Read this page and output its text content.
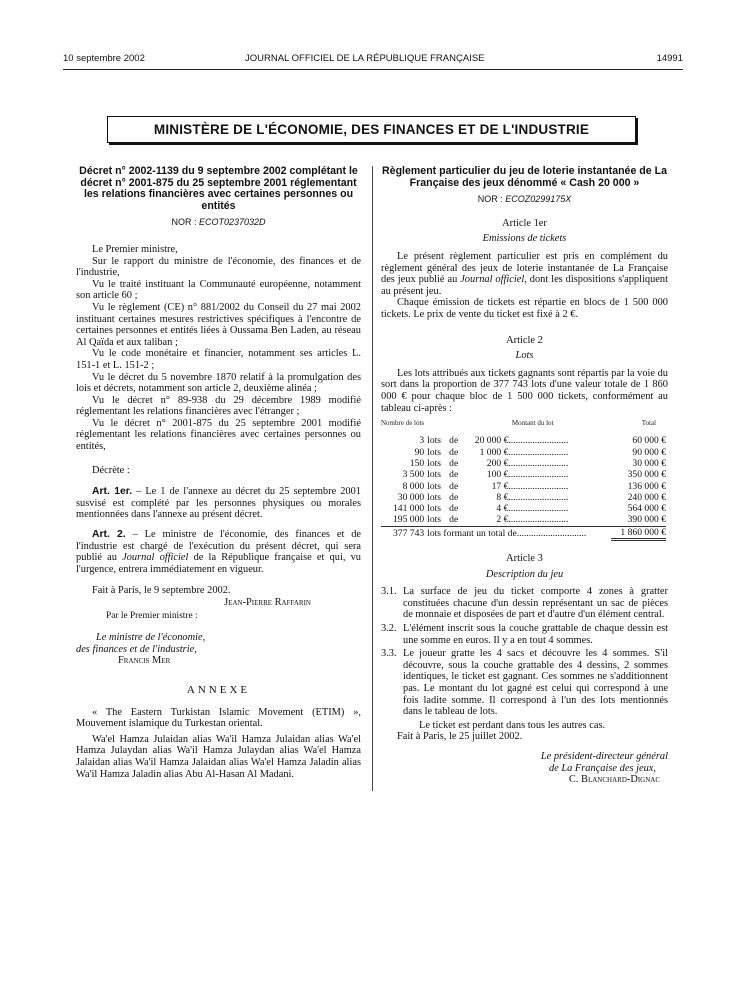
10 septembre 2002	JOURNAL OFFICIEL DE LA RÉPUBLIQUE FRANÇAISE	14991
MINISTÈRE DE L'ÉCONOMIE, DES FINANCES ET DE L'INDUSTRIE

Décret n° 2002-1139 du 9 septembre 2002 complétant le décret n° 2001-875 du 25 septembre 2001 réglementant les relations financières avec certaines personnes ou entités

NOR : ECOT0237032D

Le Premier ministre,

Sur le rapport du ministre de l'économie, des finances et de l'industrie,

Vu le traité instituant la Communauté européenne, notamment son article 60 ;

Vu le règlement (CE) n° 881/2002 du Conseil du 27 mai 2002 instituant certaines mesures restrictives spécifiques à l'encontre de certaines personnes et entités liées à Oussama Ben Laden, au réseau Al Qaïda et aux taliban ;

Vu le code monétaire et financier, notamment ses articles L. 151-1 et L. 151-2 ;

Vu le décret du 5 novembre 1870 relatif à la promulgation des lois et décrets, notamment son article 2, deuxième alinéa ;

Vu le décret n° 89-938 du 29 décembre 1989 modifié réglementant les relations financières avec l'étranger ;

Vu le décret n° 2001-875 du 25 septembre 2001 modifié réglementant les relations financières avec certaines personnes ou entités,

Décrète :

Art. 1er. – Le 1 de l'annexe au décret du 25 septembre 2001 susvisé est complété par les personnes physiques ou morales mentionnées dans l'annexe au présent décret.

Art. 2. – Le ministre de l'économie, des finances et de l'industrie est chargé de l'exécution du présent décret, qui sera publié au Journal officiel de la République française et qui, vu l'urgence, entrera immédiatement en vigueur.

Fait à Paris, le 9 septembre 2002.

Jean-Pierre Raffarin

Par le Premier ministre :

Le ministre de l'économie,

des finances et de l'industrie,

Francis Mer

ANNEXE

« The Eastern Turkistan Islamic Movement (ETIM) », Mouvement islamique du Turkestan oriental.

Wa'el Hamza Julaidan alias Wa'il Hamza Julaidan alias Wa'el Hamza Julaydan alias Wa'il Hamza Julaydan alias Wa'el Hamza Jalaidan alias Wa'il Hamza Jalaidan alias Wa'el Hamza Jaladin alias Wa'il Hamza Jaladin alias Abu Al-Hasan Al Madani.

Règlement particulier du jeu de loterie instantanée de La Française des jeux dénommé « Cash 20 000 »

NOR : ECOZ0299175X

Article 1er

Emissions de tickets

Le présent règlement particulier est pris en complément du règlement général des jeux de loterie instantanée de La Française des jeux publié au Journal officiel, dont les dispositions s'appliquent au présent jeu.

Chaque émission de tickets est répartie en blocs de 1 500 000 tickets. Le prix de vente du ticket est fixé à 2 €.

Article 2

Lots

Les lots attribués aux tickets gagnants sont répartis par la voie du sort dans la proportion de 377 743 lots d'une valeur totale de 1 860 000 € pour chaque bloc de 1 500 000 tickets, conformément au tableau ci-après :

Nombre de lots	Montant du lot			Total

3	lots	de	20 000 €.........................	60 000 €
90	lots	de	1 000 €.........................	90 000 €
150	lots	de	200 €.........................	30 000 €
3 500	lots	de	100 €.........................	350 000 €
8 000	lots	de	17 €.........................	136 000 €
30 000	lots	de	8 €.........................	240 000 €
141 000	lots	de	4 €.........................	564 000 €
195 000	lots	de	2 €.........................	390 000 €
377 743	lots formant un total de.............................			1 860 000 €

Article 3

Description du jeu

3.1. La surface de jeu du ticket comporte 4 zones à gratter constituées chacune d'un dessin représentant un sac de pièces de monnaie et disposées de part et d'autre d'un élément central.

3.2. L'élément inscrit sous la couche grattable de chaque dessin est une somme en euros. Il y a en tout 4 sommes.

3.3. Le joueur gratte les 4 sacs et découvre les 4 sommes. S'il découvre, sous la couche grattable des 4 dessins, 2 sommes identiques, le ticket est gagnant. Ces sommes ne s'additionnent pas. Le montant du lot gagné est celui qui correspond à une fois ladite somme. Il correspond à l'un des lots mentionnés dans le tableau de lots.

Le ticket est perdant dans tous les autres cas.

Fait à Paris, le 25 juillet 2002.

Le président-directeur général

de La Française des jeux,

C. Blanchard-Dignac
